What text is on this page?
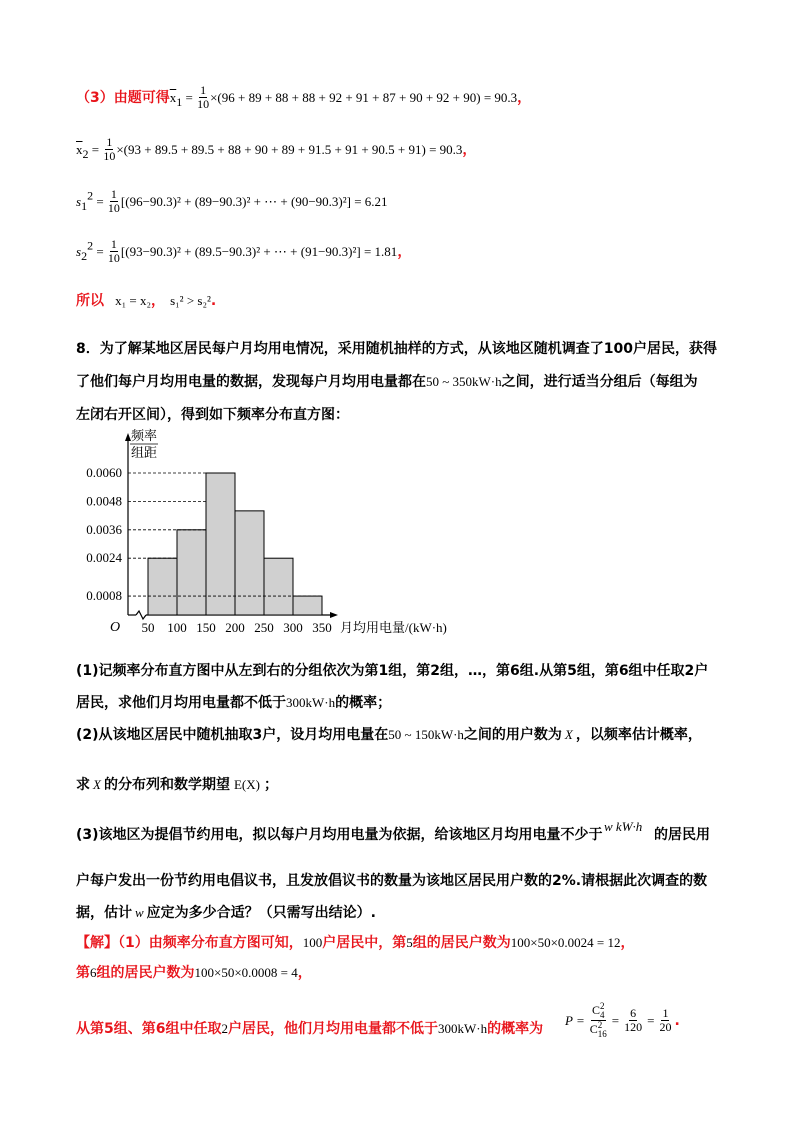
（3）由题可得$\overline{x}_1 = \frac{1}{10} \times(96 + 89 + 88 + 88 + 92 + 91 + 87 + 90 + 92 + 90) = 90.3$，
$\overline{x}_2 = \frac{1}{10} \times(93 + 89.5 + 89.5 + 88 + 90 + 89 + 91.5 + 91 + 90.5 + 91) = 90.3$，
$s_1^2 = \frac{1}{10} [(96-90.3)^2 + (89-90.3)^2$ + ⋯ + (90−90.3)²] = 6.21
$s_2^2 = \frac{1}{10} [(93-90.3)^2 + (89.5-90.3)^2$ + ⋯ + (91−90.3)²] = 1.81，
所以 x₁ = x₂， s₁² > s₂².
8．为了解某地区居民每户月均用电情况，采用随机抽样的方式，从该地区随机调查了100户居民，获得
了他们每户月均用电量的数据，发现每户月均用电量都在50 ~ 350kW·h之间，进行适当分组后（每组为
左闭右开区间），得到如下频率分布直方图：
0.0060
0.0048
0.0036
0.0024
0.0008
50 100 150 200 250 300 350
O
频率
组距
月均用电量/(kW·h)
(1)记频率分布直方图中从左到右的分组依次为第1组，第2组，…，第6组.从第5组，第6组中任取2户
居民，求他们月均用电量都不低于300kW·h的概率；
(2)从该地区居民中随机抽取3户，设月均用电量在50 ~ 150kW·h之间的用户数为 X ，以频率估计概率，
求 X 的分布列和数学期望 E(X) ；
(3)该地区为提倡节约用电，拟以每户月均用电量为依据，给该地区月均用电量不少于
w kW·h
的居民用
户每户发出一份节约用电倡议书，且发放倡议书的数量为该地区居民用户数的2%.请根据此次调查的数
据，估计 w 应定为多少合适？（只需写出结论）.
【解】（1）由频率分布直方图可知，100户居民中，第5组的居民户数为100×50×0.0024 = 12，
第6组的居民户数为100×50×0.0008 = 4，
从第5组、第6组中任取2户居民，他们月均用电量都不低于300kW·h的概率为
P = C 2
4
C 2
$16 = \frac{6}{120} = \frac{1}{20}$ .
